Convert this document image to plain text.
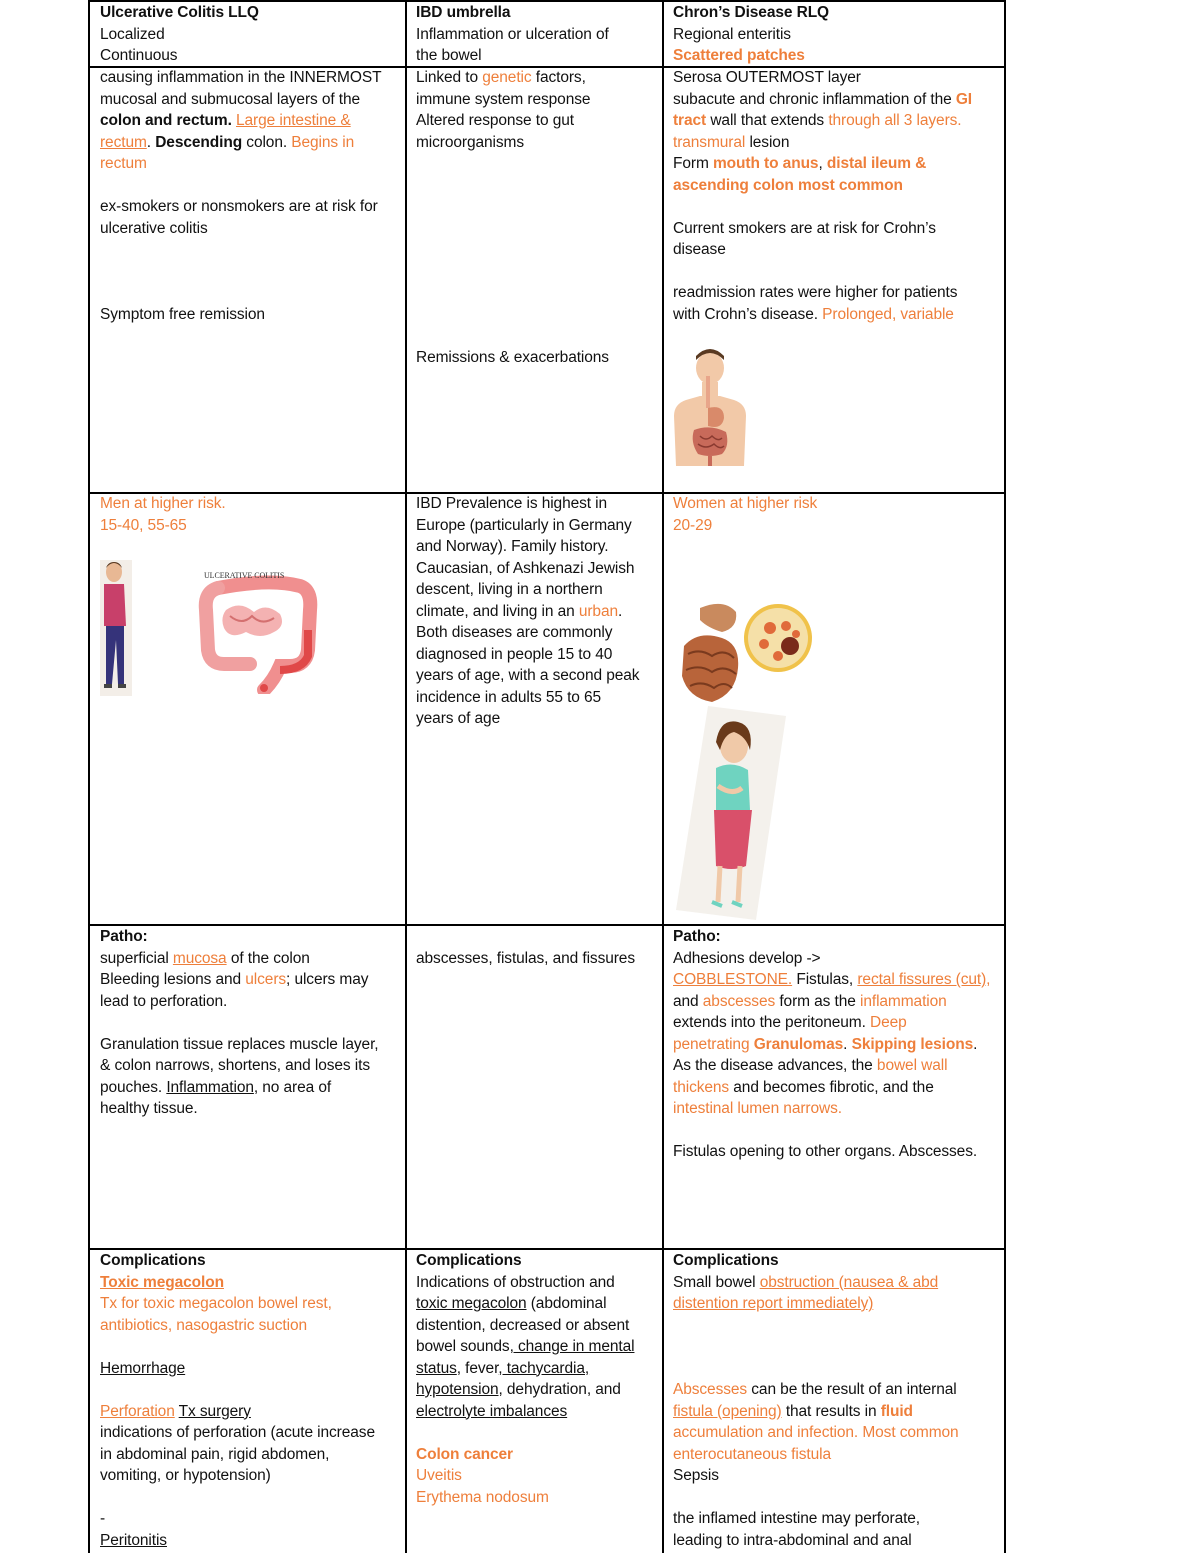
Ulcerative Colitis LLQ

Localized

Continuous

IBD umbrella

Inflammation or ulceration of

the bowel

Chron’s Disease RLQ

Regional enteritis

Scattered patches

causing inflammation in the INNERMOST

mucosal and submucosal layers of the

colon and rectum. Large intestine &

rectum. Descending colon. Begins in

rectum

ex-smokers or nonsmokers are at risk for

ulcerative colitis

Symptom free remission

Linked to genetic factors,

immune system response

Altered response to gut

microorganisms

Remissions & exacerbations

Serosa OUTERMOST layer

subacute and chronic inflammation of the GI

tract wall that extends through all 3 layers.

transmural lesion

Form mouth to anus, distal ileum &

ascending colon most common

Current smokers are at risk for Crohn’s

disease

readmission rates were higher for patients

with Crohn’s disease. Prolonged, variable

Men at higher risk.

15-40, 55-65

ULCERATIVE COLITIS

IBD Prevalence is highest in

Europe (particularly in Germany

and Norway). Family history.

Caucasian, of Ashkenazi Jewish

descent, living in a northern

climate, and living in an urban.

Both diseases are commonly

diagnosed in people 15 to 40

years of age, with a second peak

incidence in adults 55 to 65

years of age

Women at higher risk

20-29

Patho:

superficial mucosa of the colon

Bleeding lesions and ulcers; ulcers may

lead to perforation.

Granulation tissue replaces muscle layer,

& colon narrows, shortens, and loses its

pouches. Inflammation, no area of

healthy tissue.

abscesses, fistulas, and fissures

Patho:

Adhesions develop ->

COBBLESTONE. Fistulas, rectal fissures (cut),

and abscesses form as the inflammation

extends into the peritoneum. Deep

penetrating Granulomas. Skipping lesions.

As the disease advances, the bowel wall

thickens and becomes fibrotic, and the

intestinal lumen narrows.

Fistulas opening to other organs. Abscesses.

Complications

Toxic megacolon

Tx for toxic megacolon bowel rest,

antibiotics, nasogastric suction

Hemorrhage

Perforation Tx surgery

indications of perforation (acute increase

in abdominal pain, rigid abdomen,

vomiting, or hypotension)

-

Peritonitis

Complications

Indications of obstruction and

toxic megacolon (abdominal

distention, decreased or absent

bowel sounds, change in mental

status, fever, tachycardia,

hypotension, dehydration, and

electrolyte imbalances

Colon cancer

Uveitis

Erythema nodosum

Complications

Small bowel obstruction (nausea & abd

distention report immediately)

Abscesses can be the result of an internal

fistula (opening) that results in fluid

accumulation and infection. Most common

enterocutaneous fistula

Sepsis

the inflamed intestine may perforate,

leading to intra-abdominal and anal
